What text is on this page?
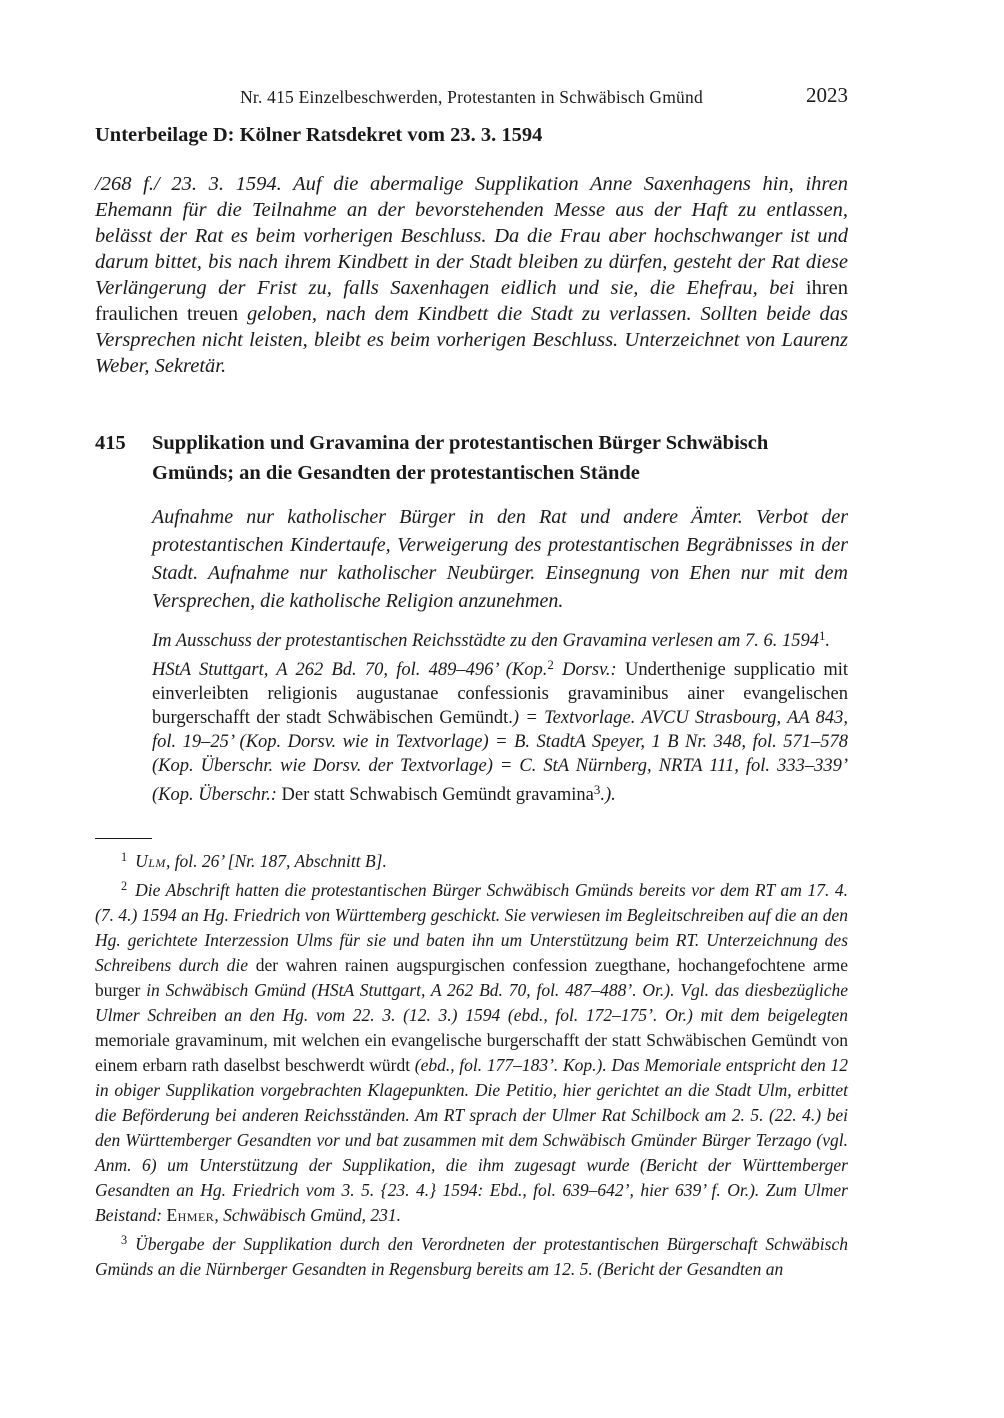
Nr. 415 Einzelbeschwerden, Protestanten in Schwäbisch Gmünd	2023
Unterbeilage D: Kölner Ratsdekret vom 23. 3. 1594

/268 f./ 23. 3. 1594. Auf die abermalige Supplikation Anne Saxenhagens hin, ihren Ehemann für die Teilnahme an der bevorstehenden Messe aus der Haft zu entlassen, belässt der Rat es beim vorherigen Beschluss. Da die Frau aber hochschwanger ist und darum bittet, bis nach ihrem Kindbett in der Stadt bleiben zu dürfen, gesteht der Rat diese Verlängerung der Frist zu, falls Saxenhagen eidlich und sie, die Ehefrau, bei ihren fraulichen treuen geloben, nach dem Kindbett die Stadt zu verlassen. Sollten beide das Versprechen nicht leisten, bleibt es beim vorherigen Beschluss. Unterzeichnet von Laurenz Weber, Sekretär.

415	Supplikation und Gravamina der protestantischen Bürger Schwäbisch Gmünds; an die Gesandten der protestantischen Stände

Aufnahme nur katholischer Bürger in den Rat und andere Ämter. Verbot der protestantischen Kindertaufe, Verweigerung des protestantischen Begräbnisses in der Stadt. Aufnahme nur katholischer Neubürger. Einsegnung von Ehen nur mit dem Versprechen, die katholische Religion anzunehmen.

Im Ausschuss der protestantischen Reichsstädte zu den Gravamina verlesen am 7. 6. 1594$^1$.

HStA Stuttgart, A 262 Bd. 70, fol. 489–496’ (Kop.$^2$ Dorsv.: Underthenige supplicatio mit einverleibten religionis augustanae confessionis gravaminibus ainer evangelischen burgerschafft der stadt Schwäbischen Gemündt.) = Textvorlage. AVCU Strasbourg, AA 843, fol. 19–25’ (Kop. Dorsv. wie in Textvorlage) = B. StadtA Speyer, 1 B Nr. 348, fol. 571–578 (Kop. Überschr. wie Dorsv. der Textvorlage) = C. StA Nürnberg, NRTA 111, fol. 333–339’ (Kop. Überschr.: Der statt Schwabisch Gemündt gravamina$^3$.).

$^1$ Ulm, fol. 26’ [Nr. 187, Abschnitt B].

$^2$ Die Abschrift hatten die protestantischen Bürger Schwäbisch Gmünds bereits vor dem RT am 17. 4. (7. 4.) 1594 an Hg. Friedrich von Württemberg geschickt. Sie verwiesen im Begleitschreiben auf die an den Hg. gerichtete Interzession Ulms für sie und baten ihn um Unterstützung beim RT. Unterzeichnung des Schreibens durch die der wahren rainen augspurgischen confession zuegthane, hochangefochtene arme burger in Schwäbisch Gmünd (HStA Stuttgart, A 262 Bd. 70, fol. 487–488’. Or.). Vgl. das diesbezügliche Ulmer Schreiben an den Hg. vom 22. 3. (12. 3.) 1594 (ebd., fol. 172–175’. Or.) mit dem beigelegten memoriale gravaminum, mit welchen ein evangelische burgerschafft der statt Schwäbischen Gemündt von einem erbarn rath daselbst beschwerdt würdt (ebd., fol. 177–183’. Kop.). Das Memoriale entspricht den 12 in obiger Supplikation vorgebrachten Klagepunkten. Die Petitio, hier gerichtet an die Stadt Ulm, erbittet die Beförderung bei anderen Reichsständen. Am RT sprach der Ulmer Rat Schilbock am 2. 5. (22. 4.) bei den Württemberger Gesandten vor und bat zusammen mit dem Schwäbisch Gmünder Bürger Terzago (vgl. Anm. 6) um Unterstützung der Supplikation, die ihm zugesagt wurde (Bericht der Württemberger Gesandten an Hg. Friedrich vom 3. 5. {23. 4.} 1594: Ebd., fol. 639–642’, hier 639’ f. Or.). Zum Ulmer Beistand: Ehmer, Schwäbisch Gmünd, 231.

$^3$ Übergabe der Supplikation durch den Verordneten der protestantischen Bürgerschaft Schwäbisch Gmünds an die Nürnberger Gesandten in Regensburg bereits am 12. 5. (Bericht der Gesandten an
